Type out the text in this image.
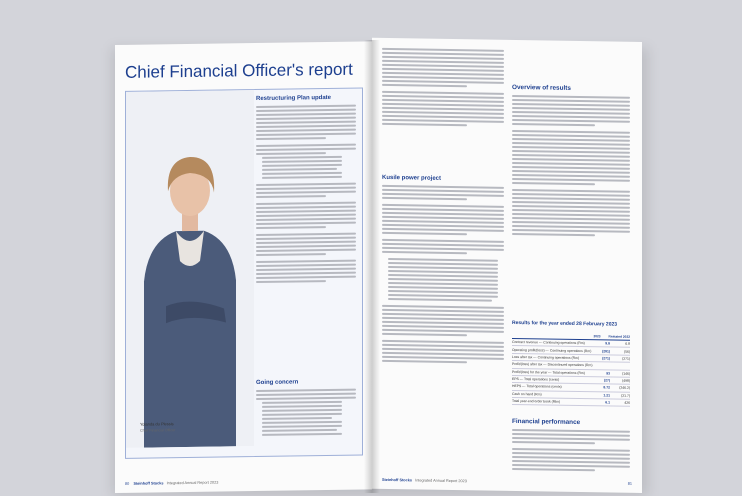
Chief Financial Officer's report
Yolanda du Plessis
Chief Financial Officer
Restructuring Plan update
Going concern
80 Steinhoff Stocks Integrated Annual Report 2023
Kusile power project
Overview of results
Results for the year ended 28 February 2023
2023	Restated 2022
Contract revenue — Continuing operations (Rm)	9.8	6.8
Operating profit/(loss) — Continuing operations (Rm)	(281)	(56)
Loss after tax — Continuing operations (Rm)	(271)	(271)
Profit/(loss) after tax — Discontinued operations (Rm)
Profit/(loss) for the year — Total operations (Rm)	93	(146)
EPS — Total operations (cents)	(27)	(498)
HEPS — Total operations (cents)	8.72	(246.2)
Cash on hand (Rm)	1.21	(21.7)
Total year-end order book (Rbn)	6.1	426
Financial performance
Steinhoff Stocks Integrated Annual Report 2023
81
